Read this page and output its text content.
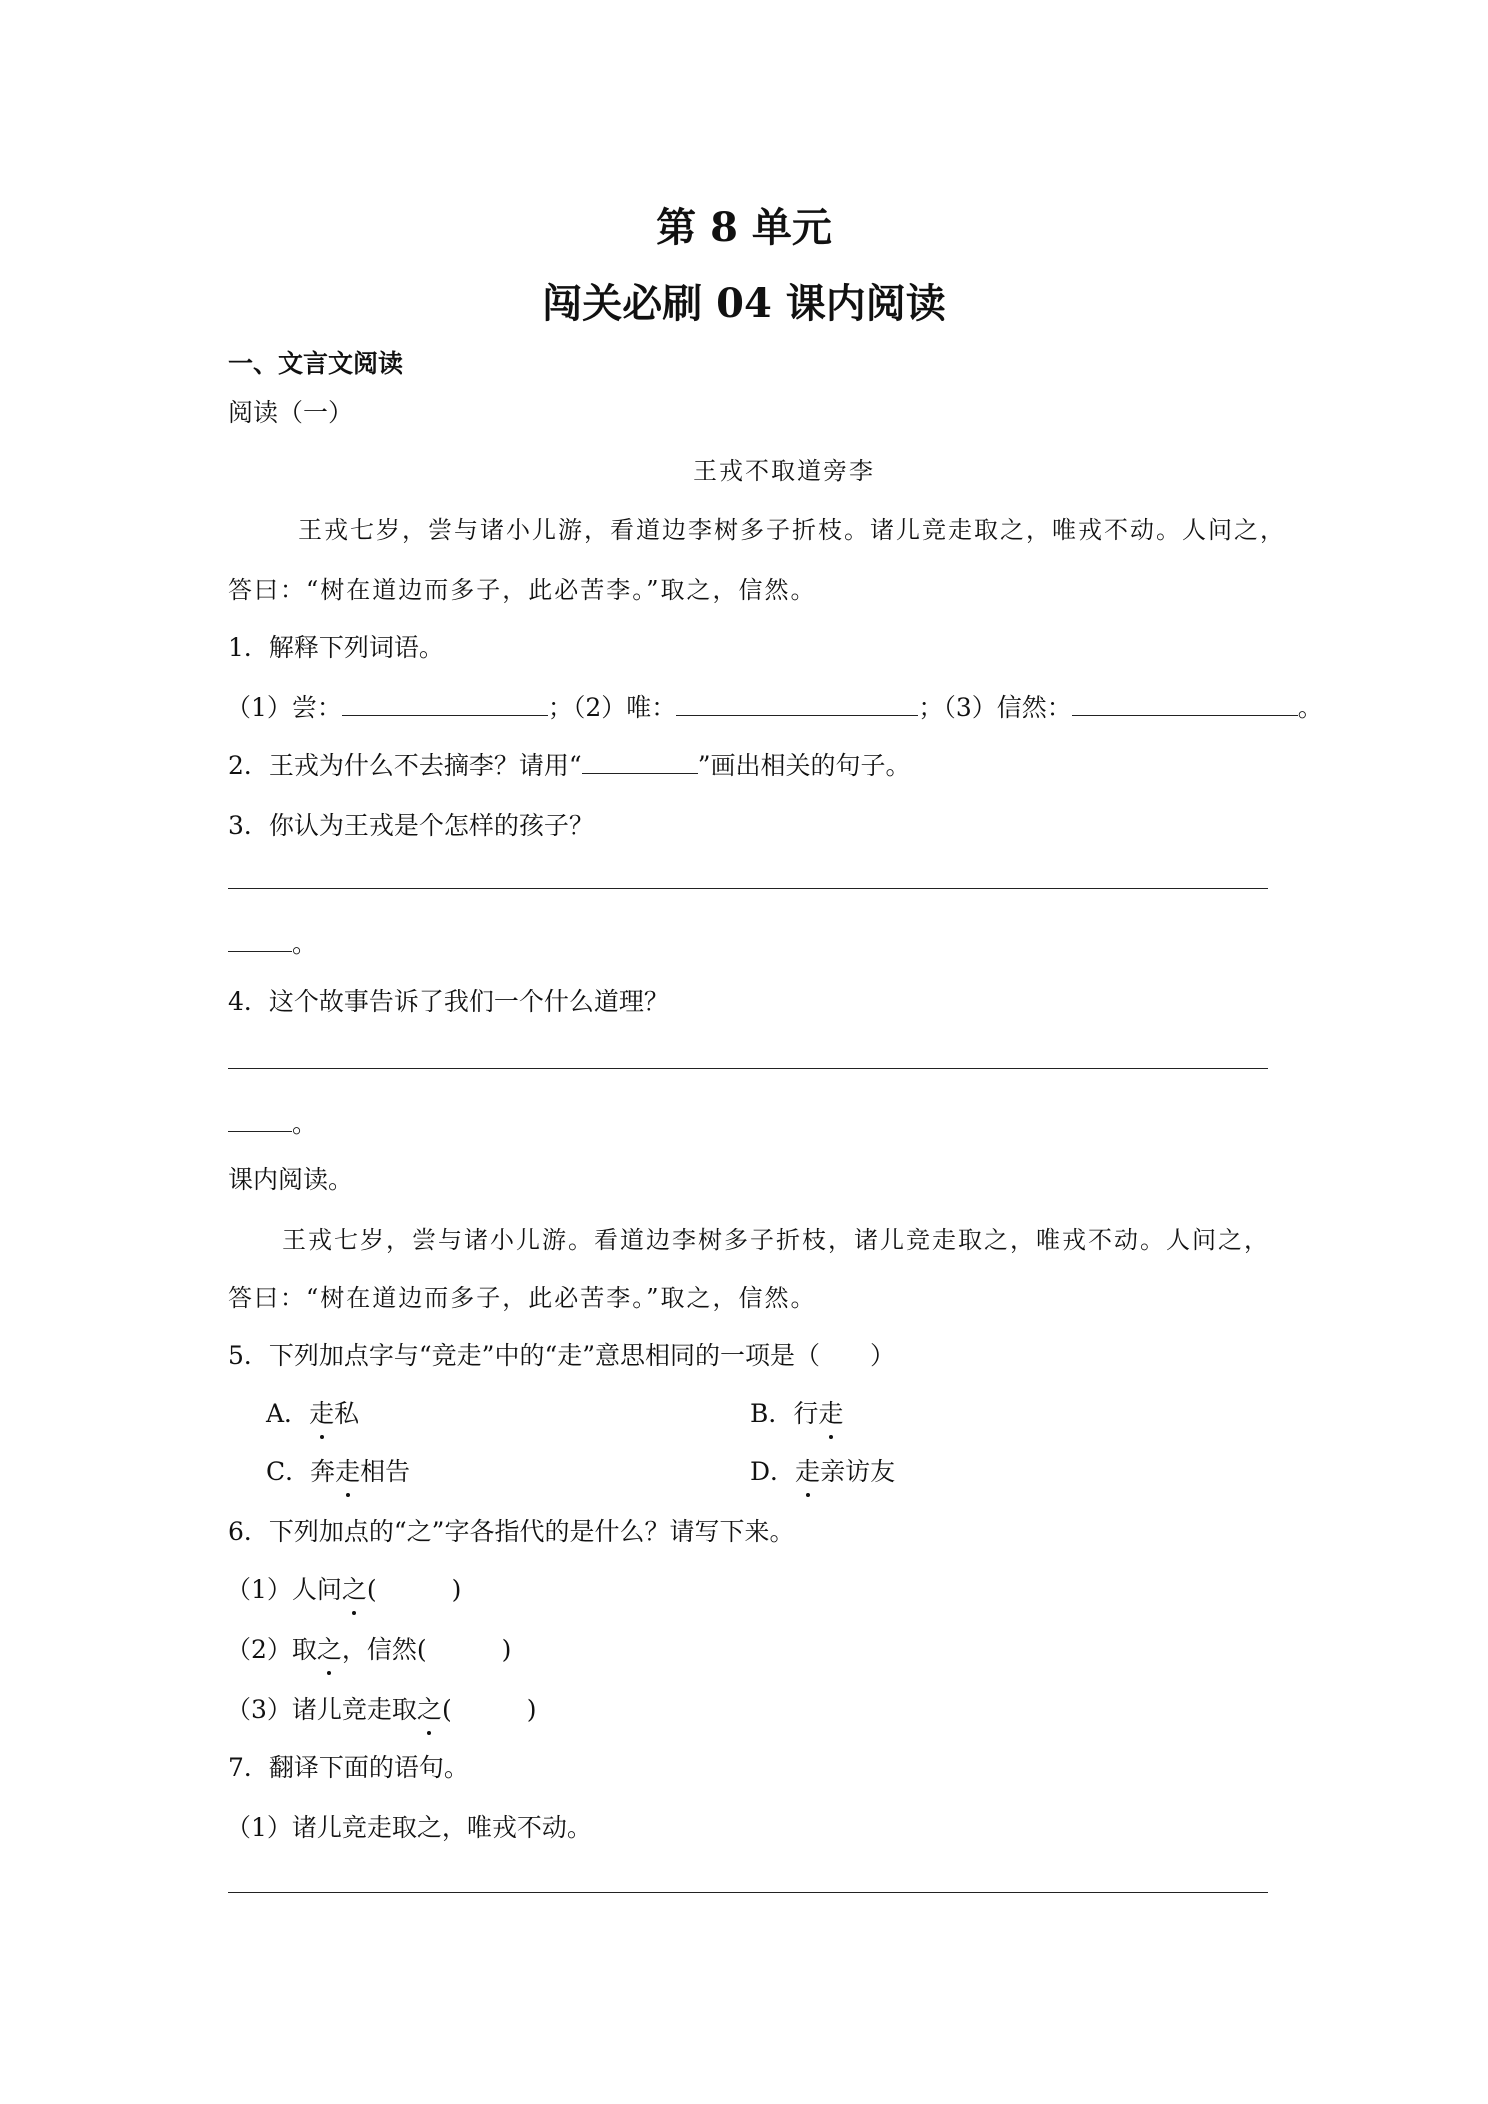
第 8 单元
闯关必刷 04 课内阅读
一、文言文阅读
阅读（一）
王戎不取道旁李
王戎七岁，尝与诸小儿游，看道边李树多子折枝。诸儿竞走取之，唯戎不动。人问之，
答曰：“树在道边而多子，此必苦李。”取之，信然。
1．解释下列词语。
（1）尝：	；（2）唯：	；（3）信然：	。
2．王戎为什么不去摘李？请用“	”画出相关的句子。
3．你认为王戎是个怎样的孩子？
。
4．这个故事告诉了我们一个什么道理？
。
课内阅读。
王戎七岁，尝与诸小儿游。看道边李树多子折枝，诸儿竞走取之，唯戎不动。人问之，
答曰：“树在道边而多子，此必苦李。”取之，信然。
5．下列加点字与“竞走”中的“走”意思相同的一项是（　　）
A．走私	B．行走
C．奔走相告	D．走亲访友
6．下列加点的“之”字各指代的是什么？请写下来。
（1）人问之(　　　)
（2）取之，信然(　　　)
（3）诸儿竞走取之(　　　)
7．翻译下面的语句。
（1）诸儿竞走取之，唯戎不动。
